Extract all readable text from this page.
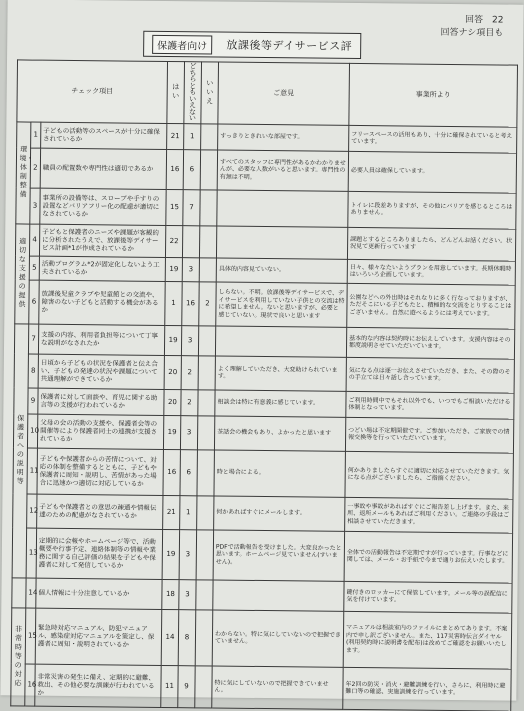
回答　22
回答ナシ項目も
保護者向け	放課後等デイサービス評
チェック項目			はい	どちらともいえない	いいえ	ご意見	事業所より
環境・体制整備	1	子どもの活動等のスペースが十分に確保されているか	21	1		すっきりときれいな部屋です。	フリースペースの活用もあり、十分に確保されていると考えています。
	2	職員の配置数や専門性は適切であるか	16	6		すべてのスタッフに専門性があるかわかりませんが、必要な人数がいると思います。専門性の有無は不明。	必要人員は確保しています。
	3	事業所の設備等は、スロープや手すりの設置などバリアフリー化の配慮が適切になされているか	15	7			トイレに段差ありますが、その他にバリアを感じるところはありません。
適切な支援の提供	4	子どもと保護者のニーズや課題が客観的に分析されたうえで、放課後等デイサービス計画*1が作成されているか	22				課題とするところありましたら、どんどんお話ください。状況見て更新行っています
	5	活動プログラム*2が固定化しないよう工夫されているか	19	3		具体的内容見ていない。	日々、様々なたいようプランを用意しています。長期休暇時はいろいろ企画しています。
	6	放課後児童クラブや児童館との交流や、障害のない子どもと活動する機会があるか	1	16	2	しらない。不明。放課後等デイサービスで、デイサービスを利用していない子供との交流は特に希望しません。ないと思いますが、必要と感じていない。現状で良いと思います	公園などへの外出時はそれなりに多く行なっておりますが、ただそこにいる子どもたと、積極的な交流をとりすることはございません。自然に遊べるようには考えています。
保護者への説明等	7	支援の内容、利用者負担等について丁寧な説明がなされたか	19	3			基本的な内容は契約時にお伝えしています。支援内容はその都度説明させていただいています。
	8	日頃から子どもの状況を保護者と伝え合い、子どもの発達の状況や課題について共通理解ができているか	20	2		よく理解していただき、大変助けられています。	気になる点は逐一お伝えさせていただき、また、その際のその手立ては日々話し合っています。
	9	保護者に対して面談や、育児に関する助言等の支援が行われているか	20	2		相談会は特に有意義に感じています。	ご利用時間中でもそれ以外でも、いつでもご相談いただける体制となっています。
	10	父母の会の活動の支援や、保護者会等の開催等により保護者同士の連携が支援されているか	19	3		茶話会の機会もあり、よかったと思います	つどい場は不定期開催です。ご参加いただき、ご家族での情報交換等を行っていただいています。
	11	子どもや保護者からの苦情について、対応の体制を整備するとともに、子どもや保護者に周知・説明し、苦情があった場合に迅速かつ適切に対応しているか	16	6		時と場合による。	何かありましたらすぐに適切に対応させていただきます。気になる点がございましたら、ご指摘ください。
	12	子どもや保護者との意思の疎通や情報伝達のための配慮がなされているか	21	1		何かあればすぐにメールします。	一事故や事故があればすぐにご報告差し上げます。また、来所、退所メールもあればご利用ください。ご連絡の手段はご相談させていただきます。
	13	定期的に会報やホームページ等で、活動概要や行事予定、連絡体制等の情報や業務に関する自己評価の結果を子どもや保護者に対して発信しているか	19	3		PDFで活動報告を受けました。大変良かったと思います。ホームページ見ていません(すいません)。	全体での活動報告は不定期ですが行っています。行事などに関しては、メール・お手紙で今まで通りお伝えいたします。
	14	個人情報に十分注意しているか	18	3			鍵付きのロッカーにて保管しています。メール等の誤配信に気を付けています。
非常時等の対応	15	緊急時対応マニュアル、防犯マニュアル、感染症対応マニュアルを策定し、保護者に周知・説明されているか	14	8		わからない。特に気にしていないので把握できていません。	マニュアルは相談室内のファイルにまとめてあります。不案内で申し訳ございません。また、117災害時伝言ダイヤル(利用契約時に説明書を配布)は改めてご確認をお願いいたします。
	16	非常災害の発生に備え、定期的に避難、救出、その他必要な訓練が行われているか	11	9		特に気にしていないので把握できていません。	年2回の防災・消火・避難訓練を行い、さらに、利用時に避難口等の確認、実施訓練を行っています。
